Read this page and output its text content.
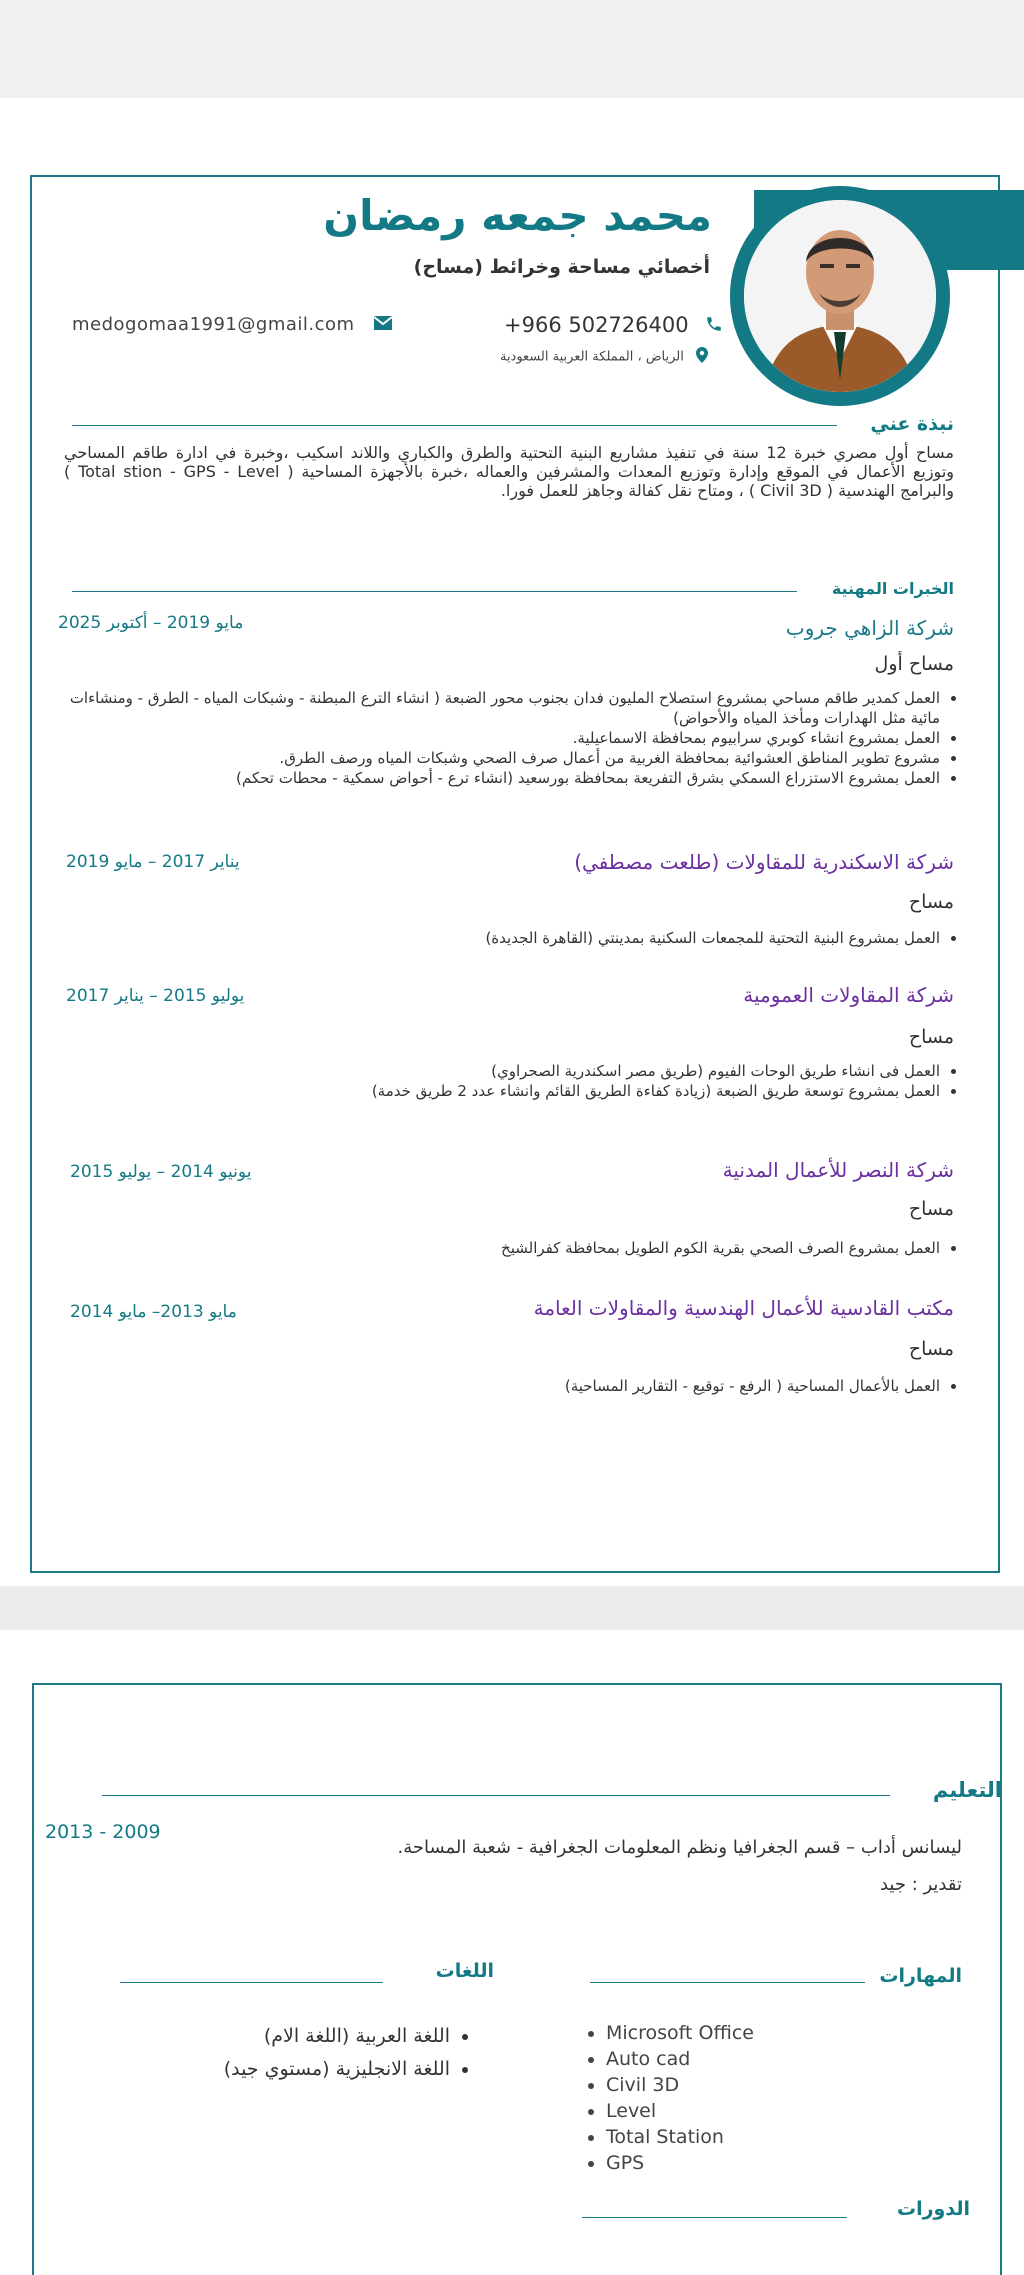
محمد جمعه رمضان
أخصائي مساحة وخرائط (مساح)
+966 502726400
medogomaa1991@gmail.com
الرياض ، المملكة العربية السعودية
نبذة عني
مساح أول مصري خبرة 12 سنة في تنفيذ مشاريع البنية التحتية والطرق والكباري واللاند اسكيب ،وخبرة في ادارة طاقم المساحي وتوزيع الأعمال في الموقع وإدارة وتوزيع المعدات والمشرفين والعماله ،خبرة بالأجهزة المساحية ( Total stion - GPS - Level ) والبرامج الهندسية ( Civil 3D ) ، ومتاح نقل كفالة وجاهز للعمل فورا.
الخبرات المهنية
شركة الزاهي جروب
مايو 2019 – أكتوبر 2025
مساح أول
• العمل كمدير طاقم مساحي بمشروع استصلاح المليون فدان بجنوب محور الضبعة ( انشاء الترع المبطنة - وشبكات المياه - الطرق - ومنشاءات مائية مثل الهدارات ومأخذ المياه والأحواض)
• العمل بمشروع انشاء كوبري سرابيوم بمحافظة الاسماعيلية.
• مشروع تطوير المناطق العشوائية بمحافظة الغربية من أعمال صرف الصحي وشبكات المياه ورصف الطرق.
• العمل بمشروع الاستزراع السمكي بشرق التفريعة بمحافظة بورسعيد (انشاء ترع - أحواض سمكية - محطات تحكم)
شركة الاسكندرية للمقاولات (طلعت مصطفي)
يناير 2017 – مايو 2019
مساح
• العمل بمشروع البنية التحتية للمجمعات السكنية بمدينتي (القاهرة الجديدة)
شركة المقاولات العمومية
يوليو 2015 – يناير 2017
مساح
• العمل فى انشاء طريق الوحات الفيوم (طريق مصر اسكندرية الصحراوي)
• العمل بمشروع توسعة طريق الضبعة (زيادة كفاءة الطريق القائم وانشاء عدد 2 طريق خدمة)
شركة النصر للأعمال المدنية
يونيو 2014 – يوليو 2015
مساح
• العمل بمشروع الصرف الصحي بقرية الكوم الطويل بمحافظة كفرالشيخ
مكتب القادسية للأعمال الهندسية والمقاولات العامة
مايو 2013– مايو 2014
مساح
• العمل بالأعمال المساحية ( الرفع - توقيع - التقارير المساحية)
التعليم
ليسانس أداب – قسم الجغرافيا ونظم المعلومات الجغرافية - شعبة المساحة.
2013 - 2009
تقدير : جيد
المهارات
• Microsoft Office
• Auto cad
• Civil 3D
• Level
• Total Station
• GPS
اللغات
• اللغة العربية (اللغة الام)
• اللغة الانجليزية (مستوي جيد)
الدورات
